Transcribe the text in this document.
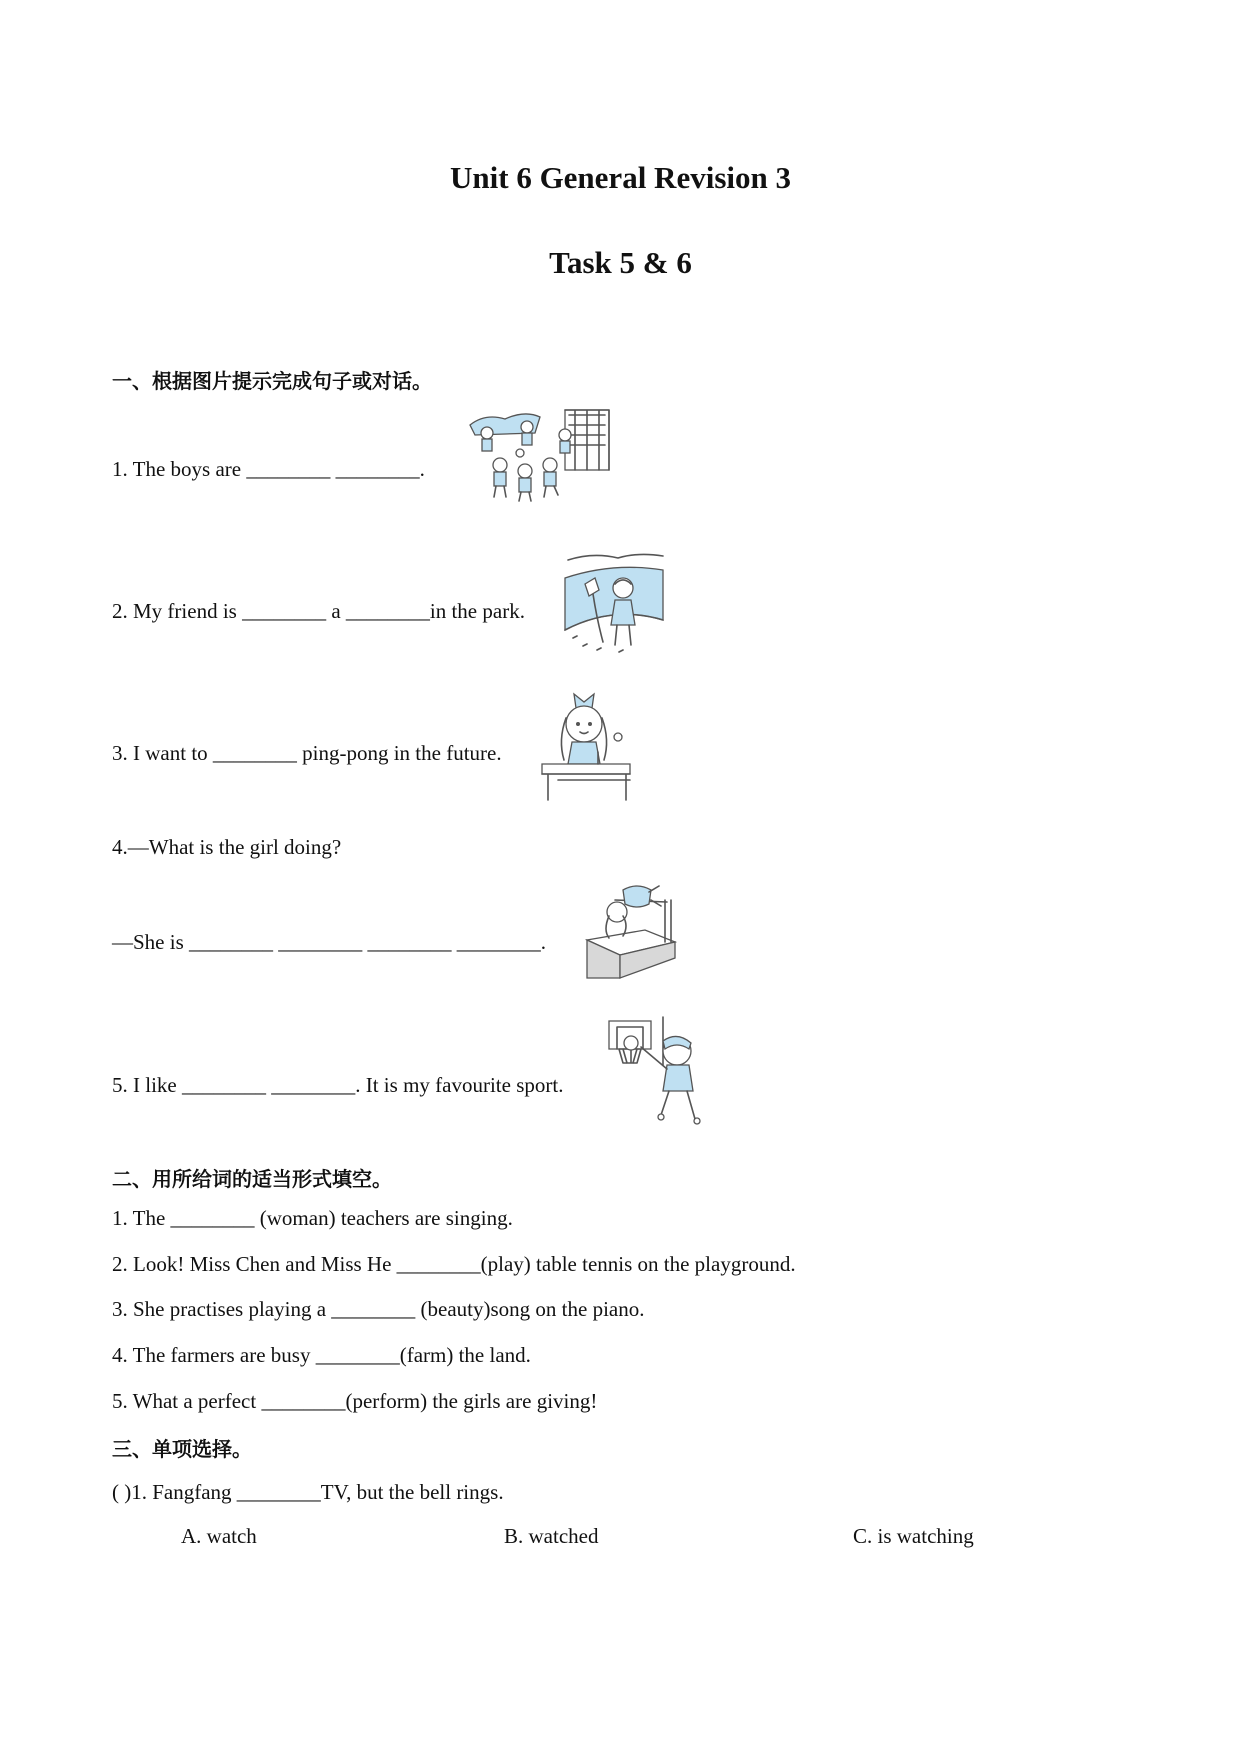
Unit 6 General Revision 3
Task 5 & 6
一、根据图片提示完成句子或对话。
1. The boys are ________ ________.
2. My friend is ________ a ________in the park.
3. I want to ________ ping-pong in the future.
4.—What is the girl doing?
—She is ________ ________ ________ ________.
5. I like ________ ________. It is my favourite sport.
二、用所给词的适当形式填空。
1. The ________ (woman) teachers are singing.
2. Look! Miss Chen and Miss He ________(play) table tennis on the playground.
3. She practises playing a ________ (beauty)song on the piano.
4. The farmers are busy ________(farm) the land.
5. What a perfect ________(perform) the girls are giving!
三、单项选择。
( )1. Fangfang ________TV, but the bell rings.
A. watch	B. watched	C. is watching
